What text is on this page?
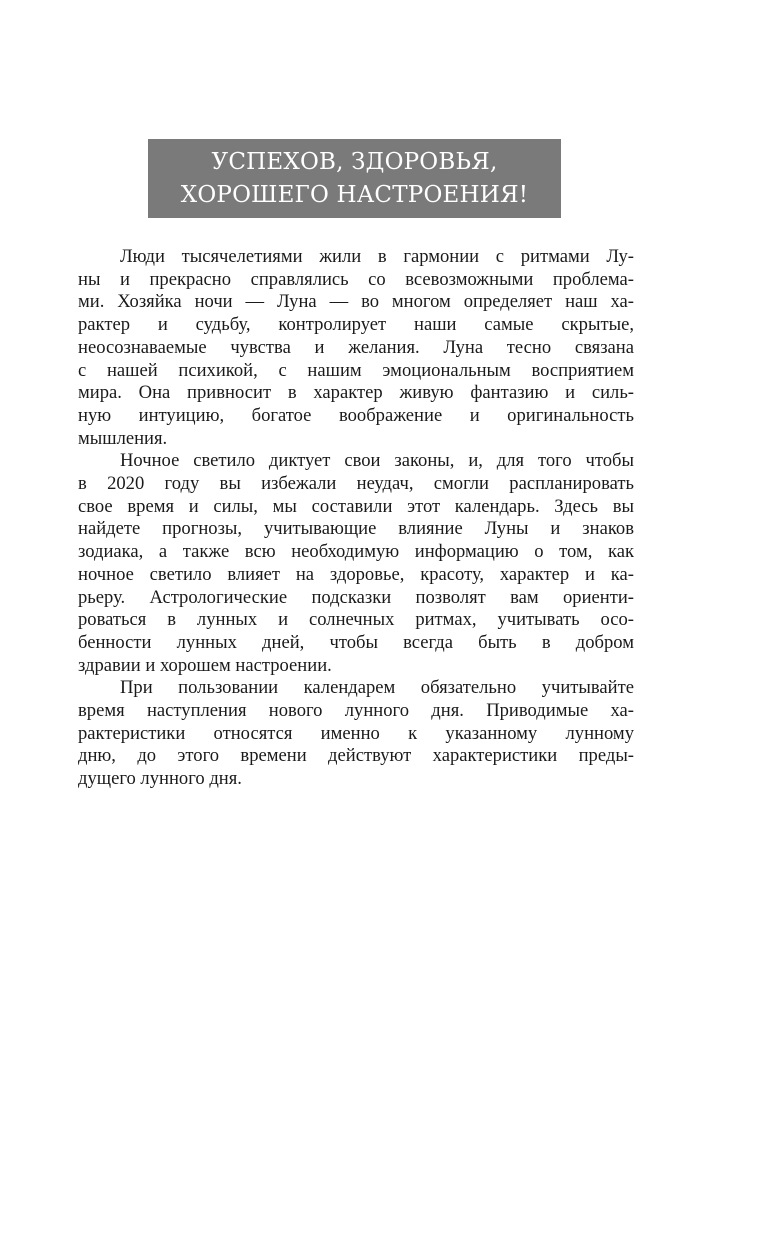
УСПЕХОВ, ЗДОРОВЬЯ,
ХОРОШЕГО НАСТРОЕНИЯ!

Люди тысячелетиями жили в гармонии с ритмами Лу-
ны и прекрасно справлялись со всевозможными проблема-
ми. Хозяйка ночи — Луна — во многом определяет наш ха-
рактер и судьбу, контролирует наши самые скрытые,
неосознаваемые чувства и желания. Луна тесно связана
с нашей психикой, с нашим эмоциональным восприятием
мира. Она привносит в характер живую фантазию и силь-
ную интуицию, богатое воображение и оригинальность
мышления.

Ночное светило диктует свои законы, и, для того чтобы
в 2020 году вы избежали неудач, смогли распланировать
свое время и силы, мы составили этот календарь. Здесь вы
найдете прогнозы, учитывающие влияние Луны и знаков
зодиака, а также всю необходимую информацию о том, как
ночное светило влияет на здоровье, красоту, характер и ка-
рьеру. Астрологические подсказки позволят вам ориенти-
роваться в лунных и солнечных ритмах, учитывать осо-
бенности лунных дней, чтобы всегда быть в добром
здравии и хорошем настроении.

При пользовании календарем обязательно учитывайте
время наступления нового лунного дня. Приводимые ха-
рактеристики относятся именно к указанному лунному
дню, до этого времени действуют характеристики преды-
дущего лунного дня.
